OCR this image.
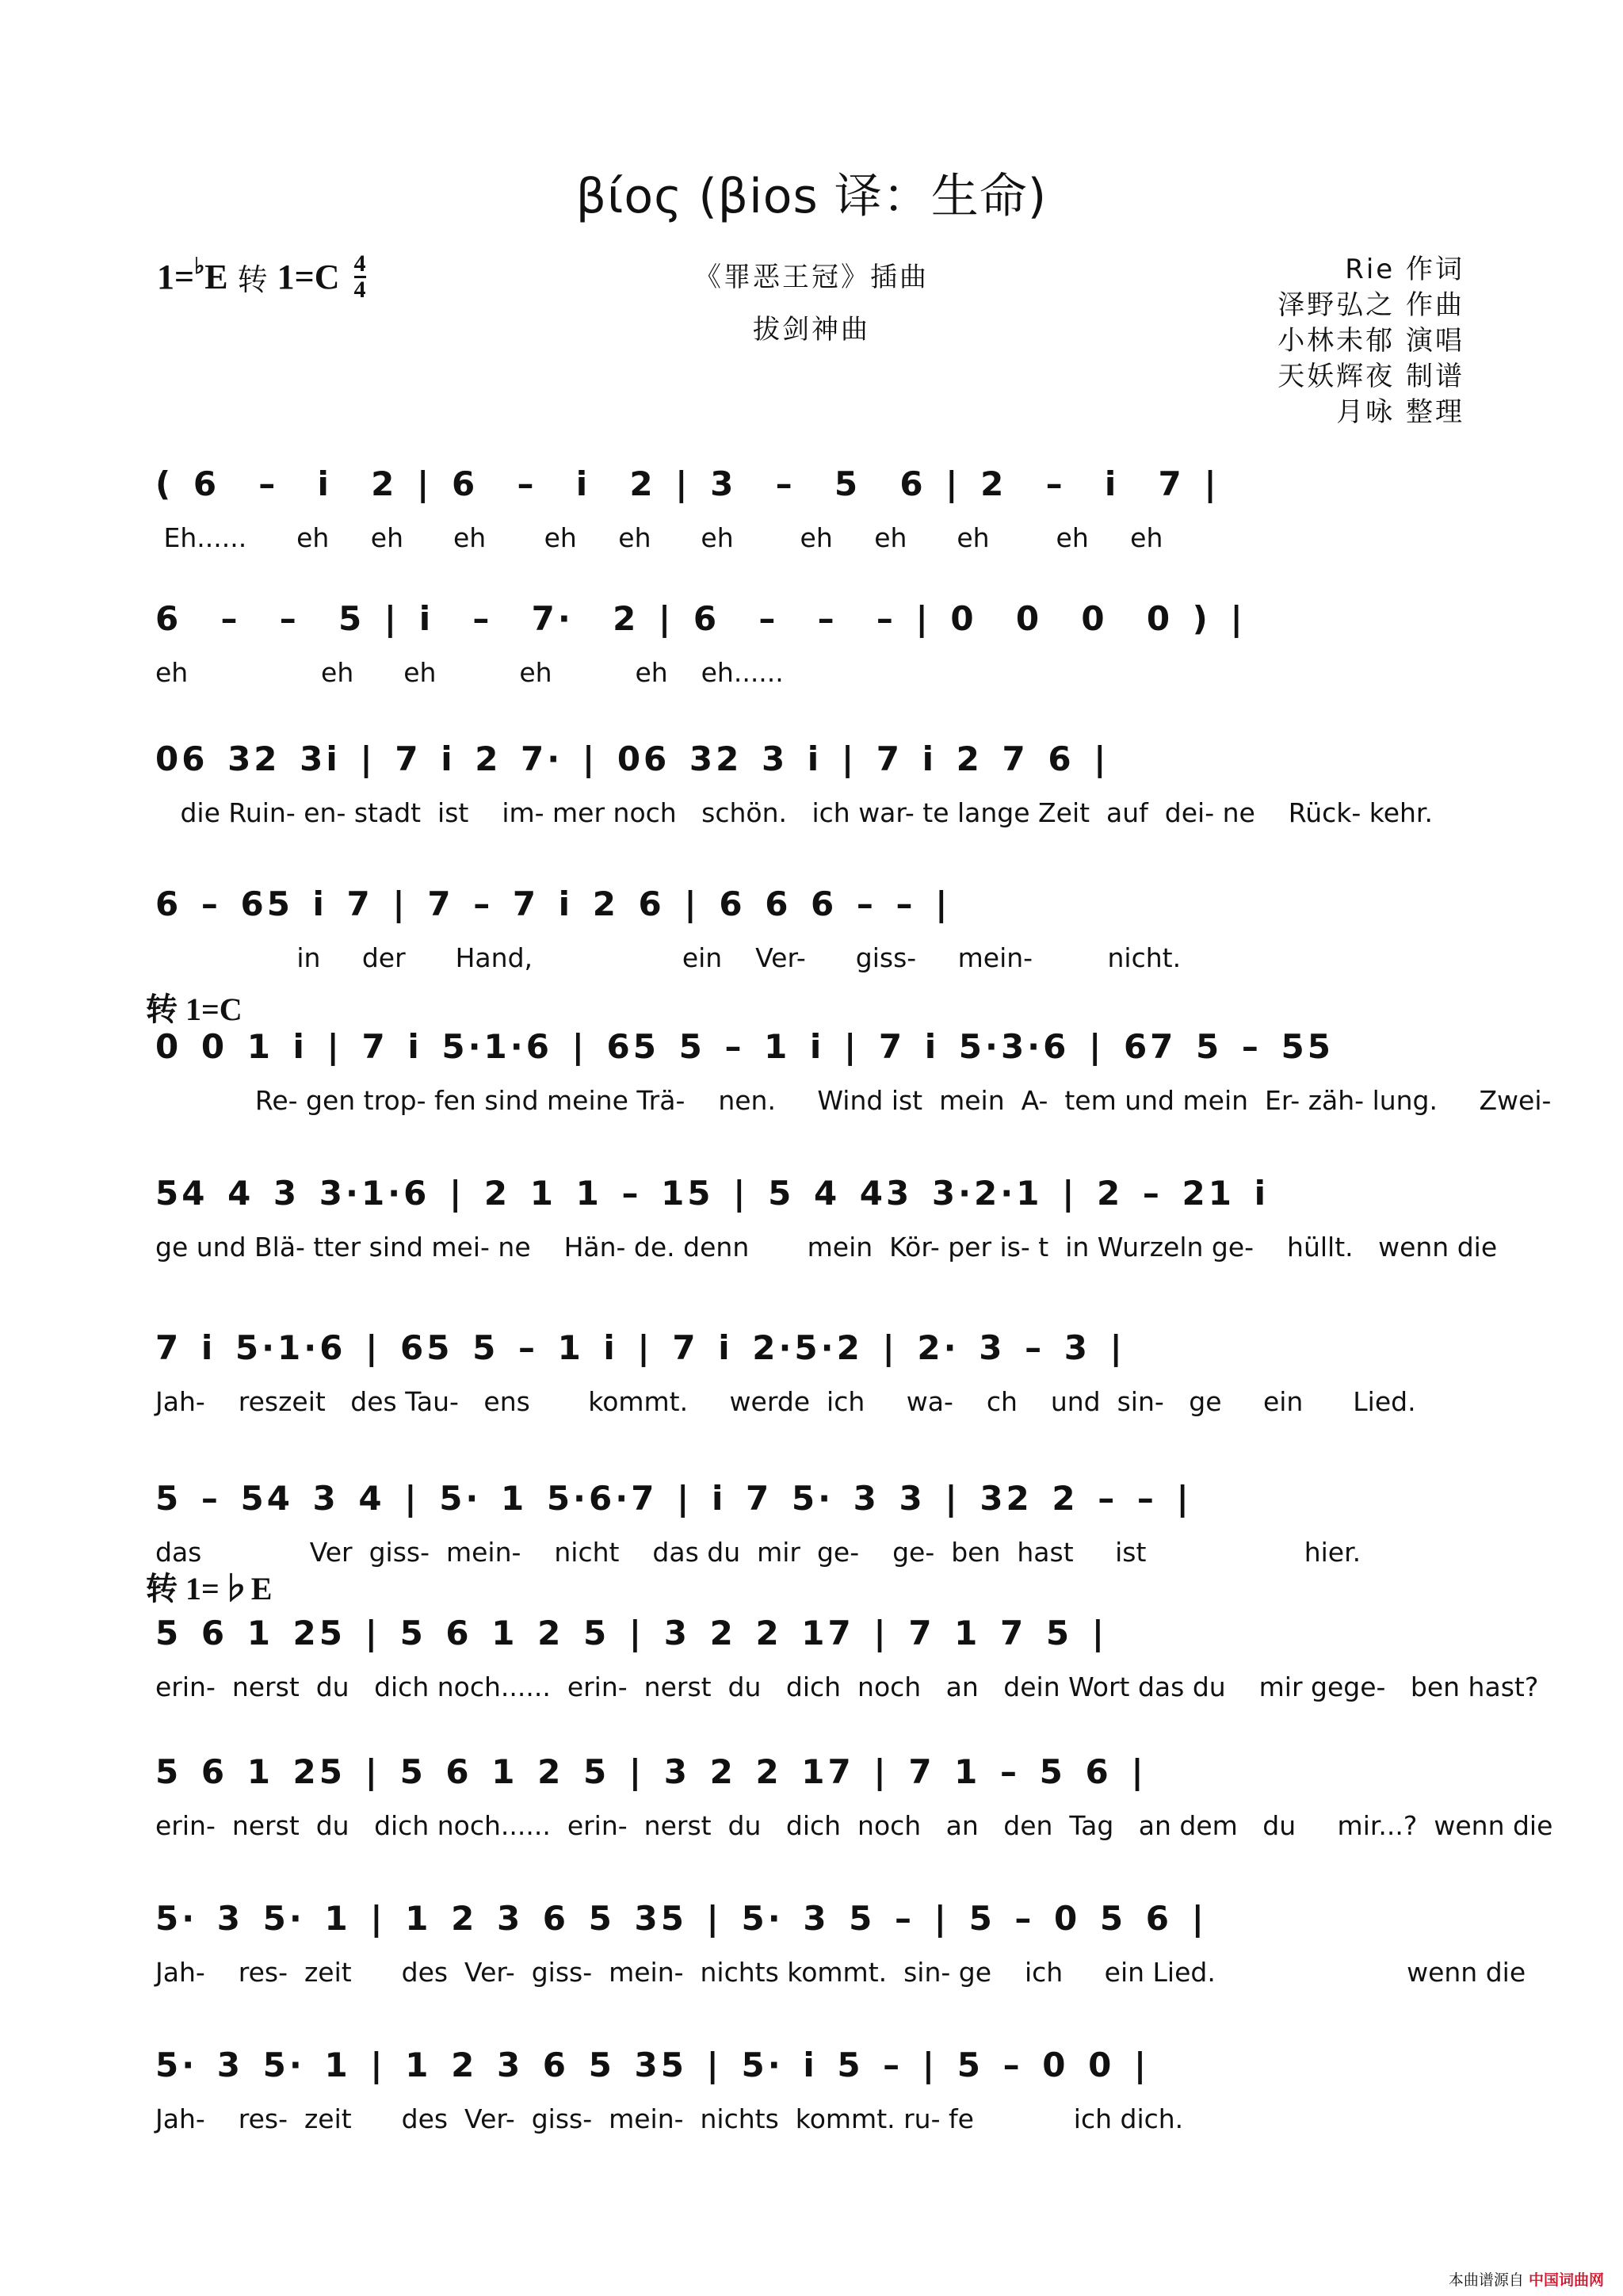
βίος (βios 译：生命)
1= ♭ E 转 1=C 4
4	《罪恶王冠》插曲
拔剑神曲
Rie 作词
泽野弘之 作曲
小林未郁 演唱
天妖辉夜 制谱
月咏 整理
( 6  –  i  2 | 6  –  i  2 | 3  –  5  6 | 2  –  i  7 |
Eh......      eh     eh      eh       eh     eh      eh        eh     eh      eh        eh     eh
6  –  –  5 | i  –  7·  2 | 6  –  –  – | 0  0  0  0 ) |
eh                eh      eh          eh          eh    eh......
06 32 3i | 7 i 2 7· | 06 32 3 i | 7 i 2 7 6 |
die Ruin- en- stadt  ist    im- mer noch   schön.   ich war- te lange Zeit  auf  dei- ne    Rück- kehr.
6 – 65 i 7 | 7 – 7 i 2 6 | 6 6 6 – – |
in     der      Hand,                  ein    Ver-      giss-     mein-         nicht.
转 1=C
0 0 1 i | 7 i 5·1·6 | 65 5 – 1 i | 7 i 5·3·6 | 67 5 – 55
Re- gen trop- fen sind meine Trä-    nen.     Wind ist  mein  A-  tem und mein  Er- zäh- lung.     Zwei-
54 4 3 3·1·6 | 2 1 1 – 15 | 5 4 43 3·2·1 | 2 – 21 i
ge und Blä- tter sind mei- ne    Hän- de. denn       mein  Kör- per is- t  in Wurzeln ge-    hüllt.   wenn die
7 i 5·1·6 | 65 5 – 1 i | 7 i 2·5·2 | 2· 3 – 3 |
Jah-    reszeit   des Tau-   ens       kommt.     werde  ich     wa-    ch    und  sin-   ge     ein      Lied.
5 – 54 3 4 | 5· 1 5·6·7 | i 7 5· 3 3 | 32 2 – – |
das             Ver  giss-  mein-    nicht    das du  mir  ge-    ge-  ben  hast     ist                   hier.
转 1=♭E
5 6 1 25 | 5 6 1 2 5 | 3 2 2 17 | 7 1 7 5 |
erin-  nerst  du   dich noch......  erin-  nerst  du   dich  noch   an   dein Wort das du    mir gege-   ben hast?
5 6 1 25 | 5 6 1 2 5 | 3 2 2 17 | 7 1 – 5 6 |
erin-  nerst  du   dich noch......  erin-  nerst  du   dich  noch   an   den  Tag   an dem   du     mir...?  wenn die
5· 3 5· 1 | 1 2 3 6 5 35 | 5· 3 5 – | 5 – 0 5 6 |
Jah-    res-  zeit      des  Ver-  giss-  mein-  nichts kommt.  sin- ge    ich     ein Lied.                       wenn die
5· 3 5· 1 | 1 2 3 6 5 35 | 5· i 5 – | 5 – 0 0 |
Jah-    res-  zeit      des  Ver-  giss-  mein-  nichts  kommt. ru- fe            ich dich.
本曲谱源自 中国词曲网
